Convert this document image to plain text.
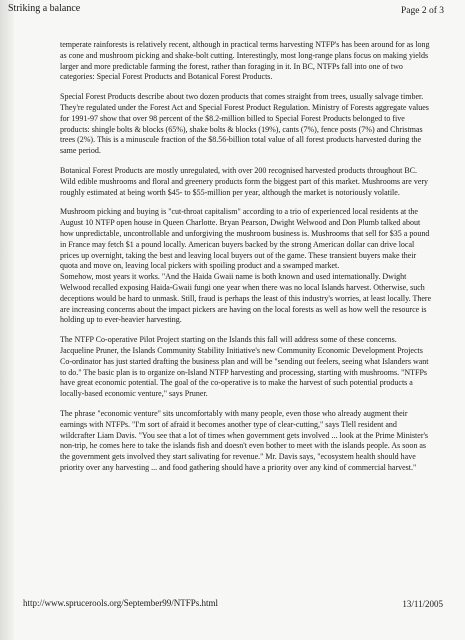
Striking a balance	Page 2 of 3

temperate rainforests is relatively recent, although in practical terms harvesting NTFP's has been around for as long as cone and mushroom picking and shake-bolt cutting. Interestingly, most long-range plans focus on making yields larger and more predictable farming the forest, rather than foraging in it. In BC, NTFPs fall into one of two categories: Special Forest Products and Botanical Forest Products.

Special Forest Products describe about two dozen products that comes straight from trees, usually salvage timber. They're regulated under the Forest Act and Special Forest Product Regulation. Ministry of Forests aggregate values for 1991-97 show that over 98 percent of the $8.2-million billed to Special Forest Products belonged to five products: shingle bolts & blocks (65%), shake bolts & blocks (19%), cants (7%), fence posts (7%) and Christmas trees (2%). This is a minuscule fraction of the $8.56-billion total value of all forest products harvested during the same period.

Botanical Forest Products are mostly unregulated, with over 200 recognised harvested products throughout BC. Wild edible mushrooms and floral and greenery products form the biggest part of this market. Mushrooms are very roughly estimated at being worth $45- to $55-million per year, although the market is notoriously volatile.

Mushroom picking and buying is "cut-throat capitalism" according to a trio of experienced local residents at the August 10 NTFP open house in Queen Charlotte. Bryan Pearson, Dwight Welwood and Don Plumb talked about how unpredictable, uncontrollable and unforgiving the mushroom business is. Mushrooms that sell for $35 a pound in France may fetch $1 a pound locally. American buyers backed by the strong American dollar can drive local prices up overnight, taking the best and leaving local buyers out of the game. These transient buyers make their quota and move on, leaving local pickers with spoiling product and a swamped market.

Somehow, most years it works. "And the Haida Gwaii name is both known and used internationally. Dwight Welwood recalled exposing Haida-Gwaii fungi one year when there was no local Islands harvest. Otherwise, such deceptions would be hard to unmask. Still, fraud is perhaps the least of this industry's worries, at least locally. There are increasing concerns about the impact pickers are having on the local forests as well as how well the resource is holding up to ever-heavier harvesting.

The NTFP Co-operative Pilot Project starting on the Islands this fall will address some of these concerns. Jacqueline Pruner, the Islands Community Stability Initiative's new Community Economic Development Projects Co-ordinator has just started drafting the business plan and will be "sending out feelers, seeing what Islanders want to do." The basic plan is to organize on-Island NTFP harvesting and processing, starting with mushrooms. "NTFPs have great economic potential. The goal of the co-operative is to make the harvest of such potential products a locally-based economic venture," says Pruner.

The phrase "economic venture" sits uncomfortably with many people, even those who already augment their earnings with NTFPs. "I'm sort of afraid it becomes another type of clear-cutting," says Tlell resident and wildcrafter Liam Davis. "You see that a lot of times when government gets involved ... look at the Prime Minister's non-trip, he comes here to take the islands fish and doesn't even bother to meet with the islands people. As soon as the government gets involved they start salivating for revenue." Mr. Davis says, "ecosystem health should have priority over any harvesting ... and food gathering should have a priority over any kind of commercial harvest."

http://www.sprucerools.org/September99/NTFPs.html	13/11/2005
